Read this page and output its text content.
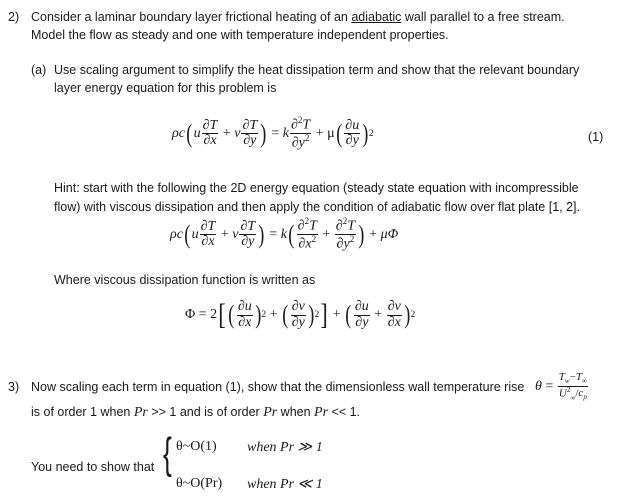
2) Consider a laminar boundary layer frictional heating of an adiabatic wall parallel to a free stream.
Model the flow as steady and one with temperature independent properties.
(a) Use scaling argument to simplify the heat dissipation term and show that the relevant boundary
layer energy equation for this problem is
ρc ( u $\frac{\partial T}{\partial x} + v \frac{\partial T}{\partial y}$ ) = k $\frac{\partial^2T}{\partial y^2} + \mu$ ( $\frac{\partial u}{\partial y}$ ) 2	(1)
Hint: start with the following the 2D energy equation (steady state equation with incompressible
flow) with viscous dissipation and then apply the condition of adiabatic flow over flat plate [1, 2].
ρc ( u $\frac{\partial T}{\partial x} + v \frac{\partial T}{\partial y}$ ) = k ( $\frac{\partial^2T}{\partial x^2} + \frac{\partial^2T}{\partial y^2}$ ) + μΦ
Where viscous dissipation function is written as
Φ = 2 [ ( $\frac{\partial u}{\partial x}$ ) 2 + ( $\frac{\partial v}{\partial y}$ ) 2 ] + ( $\frac{\partial u}{\partial y} + \frac{\partial v}{\partial x}$ ) 2
3) Now scaling each term in equation (1), show that the dimensionless wall temperature rise $\theta = \frac{T_w-T_\infty}{U^2_\infty/c_p}$
is of order 1 when Pr >> 1 and is of order Pr when Pr << 1.
You need to show that { θ~O(1) when Pr ≫ 1
θ~O(Pr) when Pr ≪ 1
